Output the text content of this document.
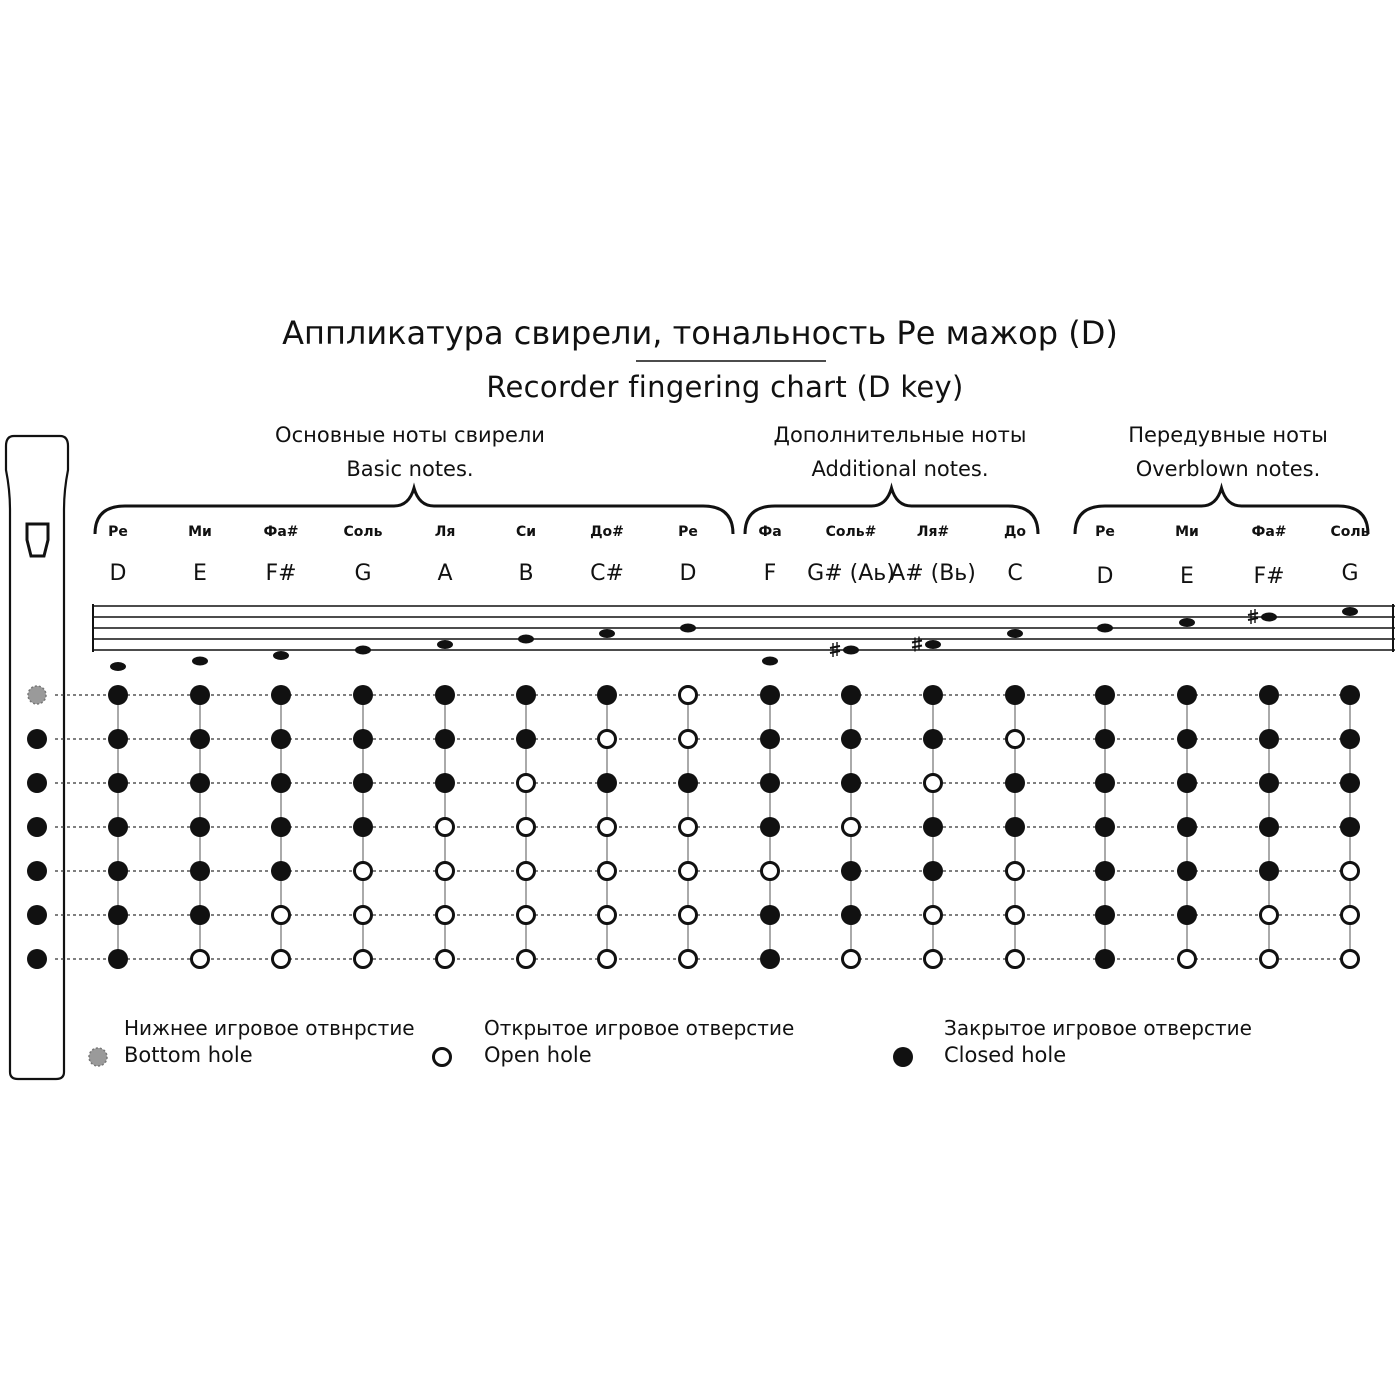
Аппликатура свирели, тональность Ре мажор (D)
Recorder fingering chart (D key)
Основные ноты свирели
Basic notes.
Дополнительные ноты
Additional notes.
Передувные ноты
Overblown notes.
Ре
D
Ми
E
Фа#
F#
Соль
G
Ля
A
Си
B
До#
C#
Ре
D
Фа
F
Соль#
G# (Аь)
Ля#
A# (Вь)
До
C
Ре
D
Ми
E
Фа#
F#
Соль
G
Нижнее игровое отвнрстие
Bottom hole
Открытое игровое отверстие
Open hole
Закрытое игровое отверстие
Closed hole
